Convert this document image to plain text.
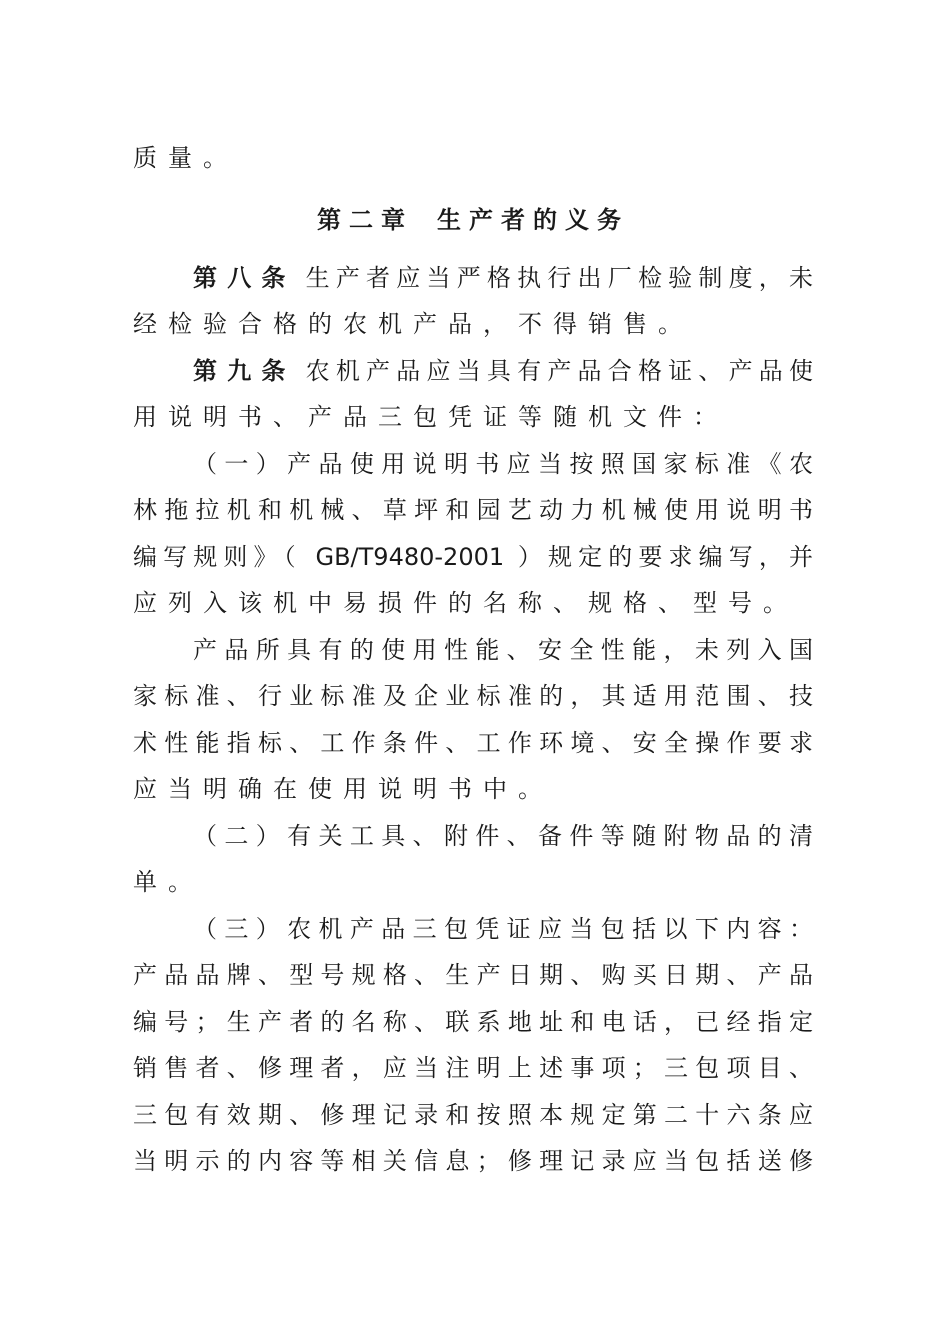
质量。
第二章 生产者的义务
第八条 生产者应当严格执行出厂检验制度，未
经检验合格的农机产品，不得销售。
第九条 农机产品应当具有产品合格证、产品使
用说明书、产品三包凭证等随机文件：
（一）产品使用说明书应当按照国家标准《农
林拖拉机和机械、草坪和园艺动力机械使用说明书
编写规则》（ GB/T9480-2001 ）规定的要求编写，并
应列入该机中易损件的名称、规格、型号。
产品所具有的使用性能、安全性能，未列入国
家标准、行业标准及企业标准的，其适用范围、技
术性能指标、工作条件、工作环境、安全操作要求
应当明确在使用说明书中。
（二）有关工具、附件、备件等随附物品的清
单。
（三）农机产品三包凭证应当包括以下内容：
产品品牌、型号规格、生产日期、购买日期、产品
编号；生产者的名称、联系地址和电话，已经指定
销售者、修理者，应当注明上述事项；三包项目、
三包有效期、修理记录和按照本规定第二十六条应
当明示的内容等相关信息；修理记录应当包括送修
